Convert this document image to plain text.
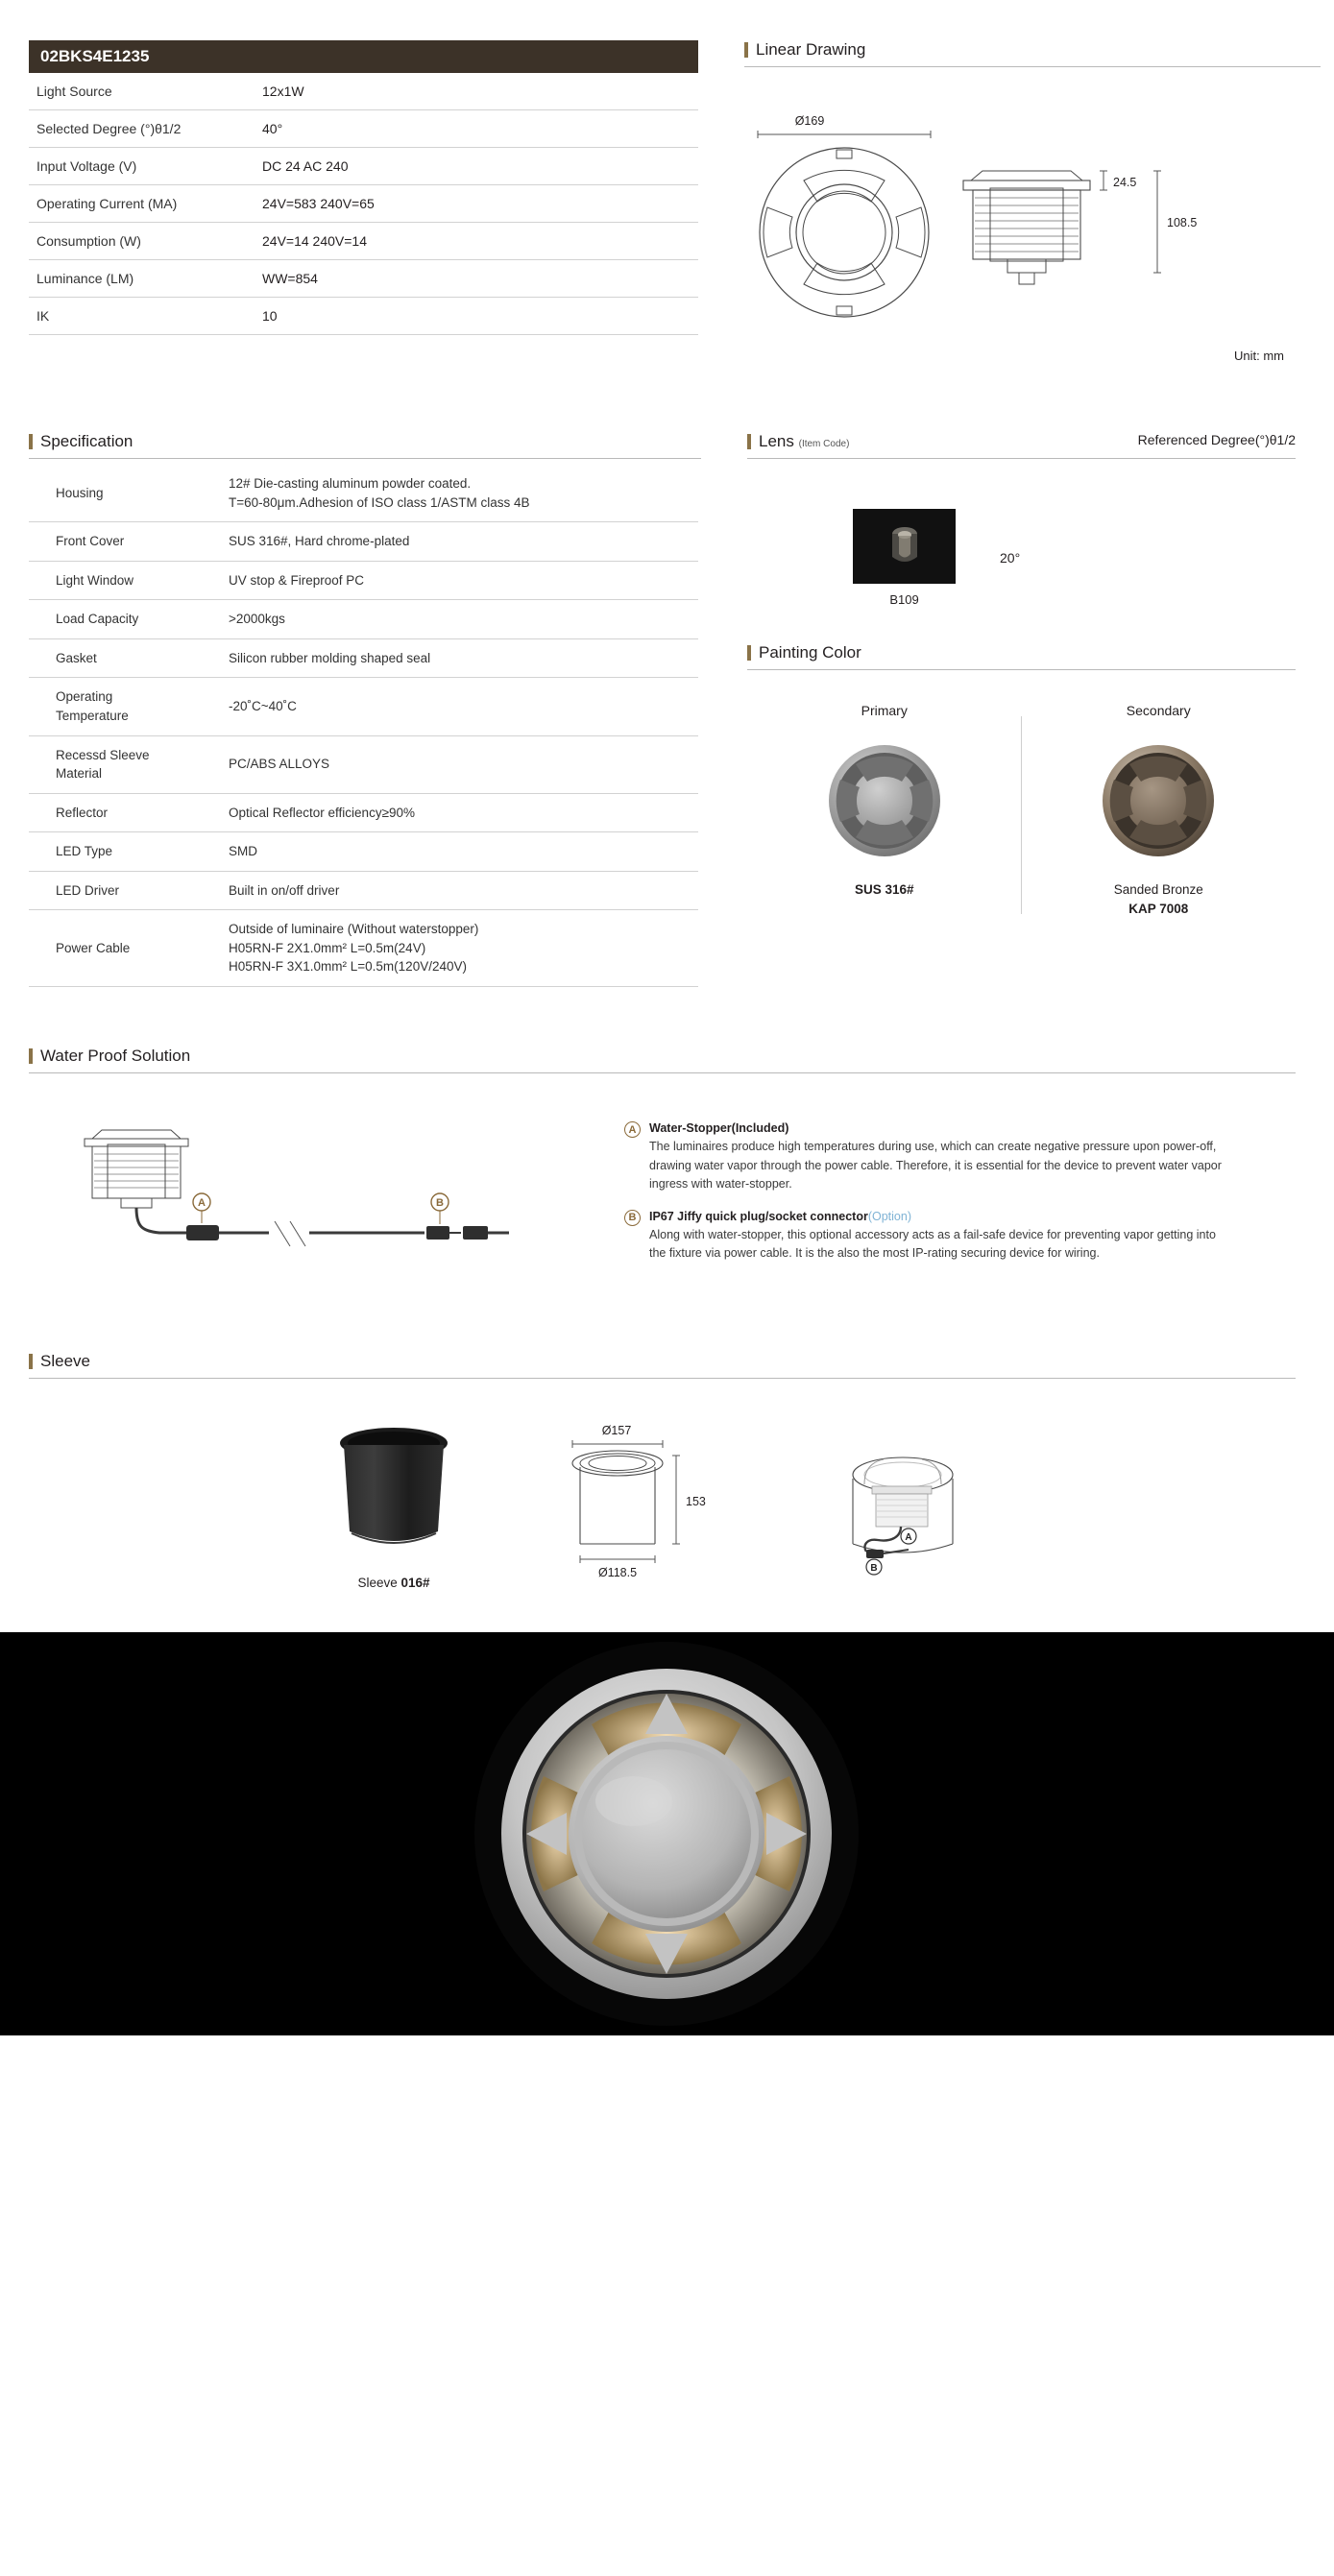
02BKS4E1235
Light Source	12x1W
Selected Degree (°)θ1/2	40°
Input Voltage (V)	DC 24 AC 240
Operating Current (MA)	24V=583 240V=65
Consumption (W)	24V=14 240V=14
Luminance (LM)	WW=854
IK	10
Linear Drawing
Ø169
24.5
108.5
Unit: mm
Specification
Housing	12# Die-casting aluminum powder coated.
T=60-80μm.Adhesion of ISO class 1/ASTM class 4B
Front Cover	SUS 316#, Hard chrome-plated
Light Window	UV stop & Fireproof PC
Load Capacity	>2000kgs
Gasket	Silicon rubber molding shaped seal
Operating
Temperature	-20˚C~40˚C
Recessd Sleeve
Material	PC/ABS ALLOYS
Reflector	Optical Reflector efficiency≥90%
LED Type	SMD
LED Driver	Built in on/off driver
Power Cable	Outside of luminaire (Without waterstopper)
H05RN-F 2X1.0mm² L=0.5m(24V)
H05RN-F 3X1.0mm² L=0.5m(120V/240V)
Referenced Degree(°)θ1/2
Lens (Item Code)
B109
20°
Painting Color
Primary
SUS 316#
Secondary
Sanded Bronze
KAP 7008
Water Proof Solution
A	B
A	Water-Stopper(Included)
The luminaires produce high temperatures during use, which can create negative pressure upon power-off, drawing water vapor through the power cable. Therefore, it is essential for the device to prevent water vapor ingress with water-stopper.
B	IP67 Jiffy quick plug/socket connector(Option)
Along with water-stopper, this optional accessory acts as a fail-safe device for preventing vapor getting into the fixture via power cable. It is the also the most IP-rating securing device for wiring.
Sleeve
Sleeve 016#
Ø157
153
Ø118.5
A
B
